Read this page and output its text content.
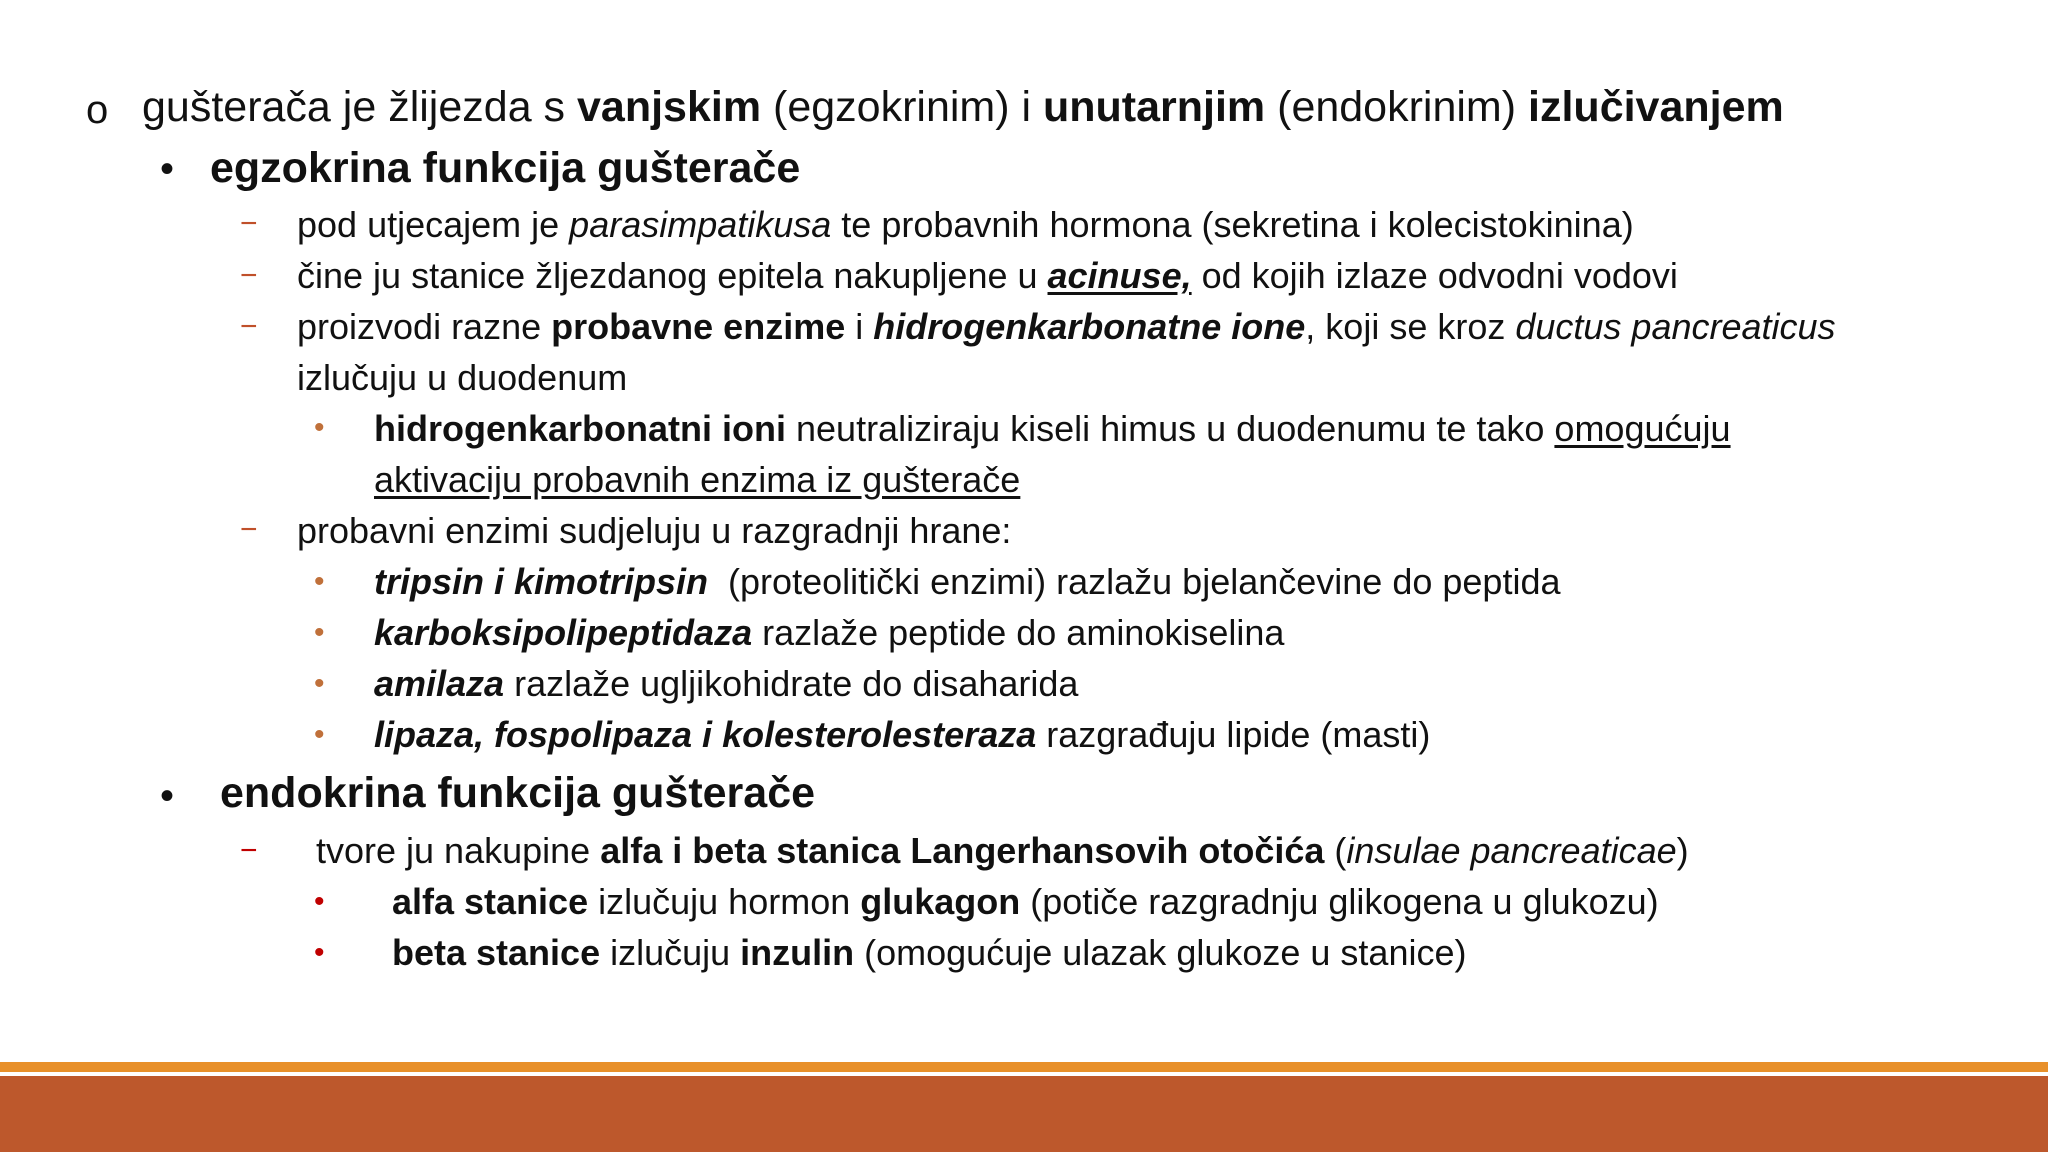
o gušterača je žlijezda s vanjskim (egzokrinim) i unutarnjim (endokrinim) izlučivanjem
• egzokrina funkcija gušterače
− pod utjecajem je parasimpatikusa te probavnih hormona (sekretina i kolecistokinina)
− čine ju stanice žljezdanog epitela nakupljene u acinuse, od kojih izlaze odvodni vodovi
− proizvodi razne probavne enzime i hidrogenkarbonatne ione, koji se kroz ductus pancreaticus
izlučuju u duodenum
• hidrogenkarbonatni ioni neutraliziraju kiseli himus u duodenumu te tako omogućuju
aktivaciju probavnih enzima iz gušterače
− probavni enzimi sudjeluju u razgradnji hrane:
• tripsin i kimotripsin  (proteolitički enzimi) razlažu bjelančevine do peptida
• karboksipolipeptidaza razlaže peptide do aminokiselina
• amilaza razlaže ugljikohidrate do disaharida
• lipaza, fospolipaza i kolesterolesteraza razgrađuju lipide (masti)
• endokrina funkcija gušterače
− tvore ju nakupine alfa i beta stanica Langerhansovih otočića (insulae pancreaticae)
• alfa stanice izlučuju hormon glukagon (potiče razgradnju glikogena u glukozu)
• beta stanice izlučuju inzulin (omogućuje ulazak glukoze u stanice)
